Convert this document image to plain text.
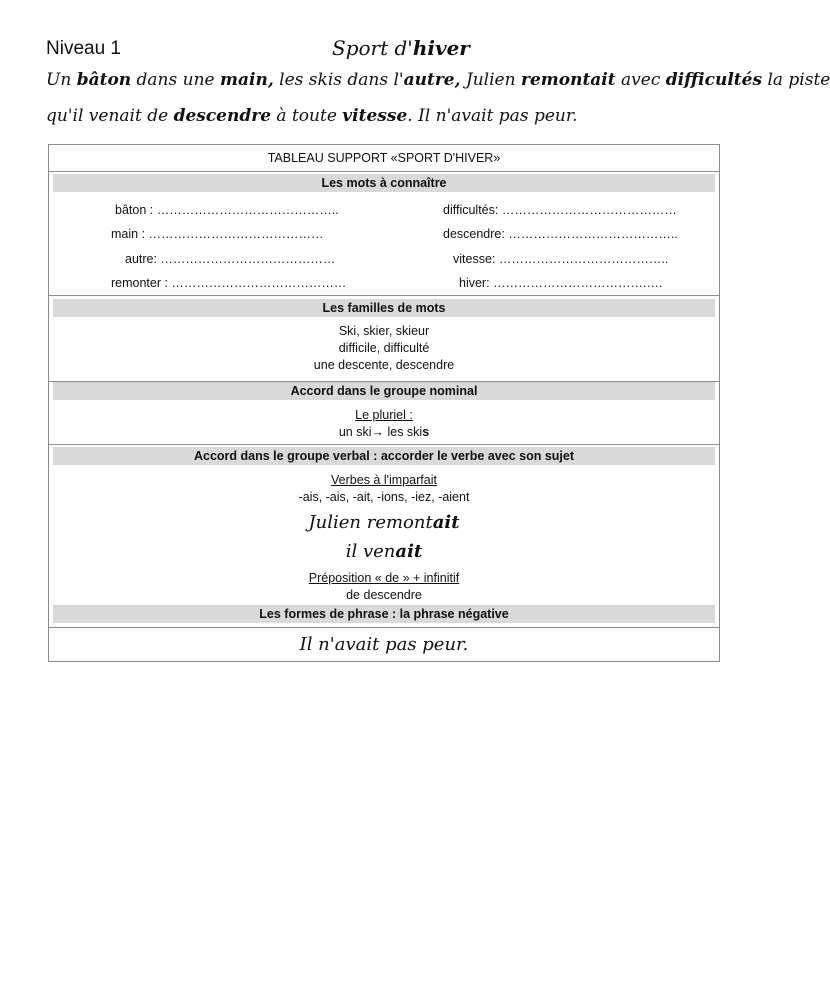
Niveau 1	Sport d'hiver
Un bâton dans une main, les skis dans l'autre, Julien remontait avec difficultés la piste
qu'il venait de descendre à toute vitesse. Il n'avait pas peur.
TABLEAU SUPPORT «SPORT D'HIVER»
Les mots à connaître
bâton : ……………………………………..
main : ……………………………………
autre: ……………………………………
remonter : ……………………………………
difficultés: ……………………………………
descendre: …………………………………..
vitesse: …………………………………..
hiver: ……………………………….….
Les familles de mots
Ski, skier, skieur
difficile, difficulté
une descente, descendre
Accord dans le groupe nominal
Le pluriel :
un ski→ les skis
Accord dans le groupe verbal : accorder le verbe avec son sujet
Verbes à l'imparfait
-ais, -ais, -ait, -ions, -iez, -aient
Julien remontait
il venait
Préposition « de » + infinitif
de descendre
Les formes de phrase : la phrase négative
Il n'avait pas peur.
